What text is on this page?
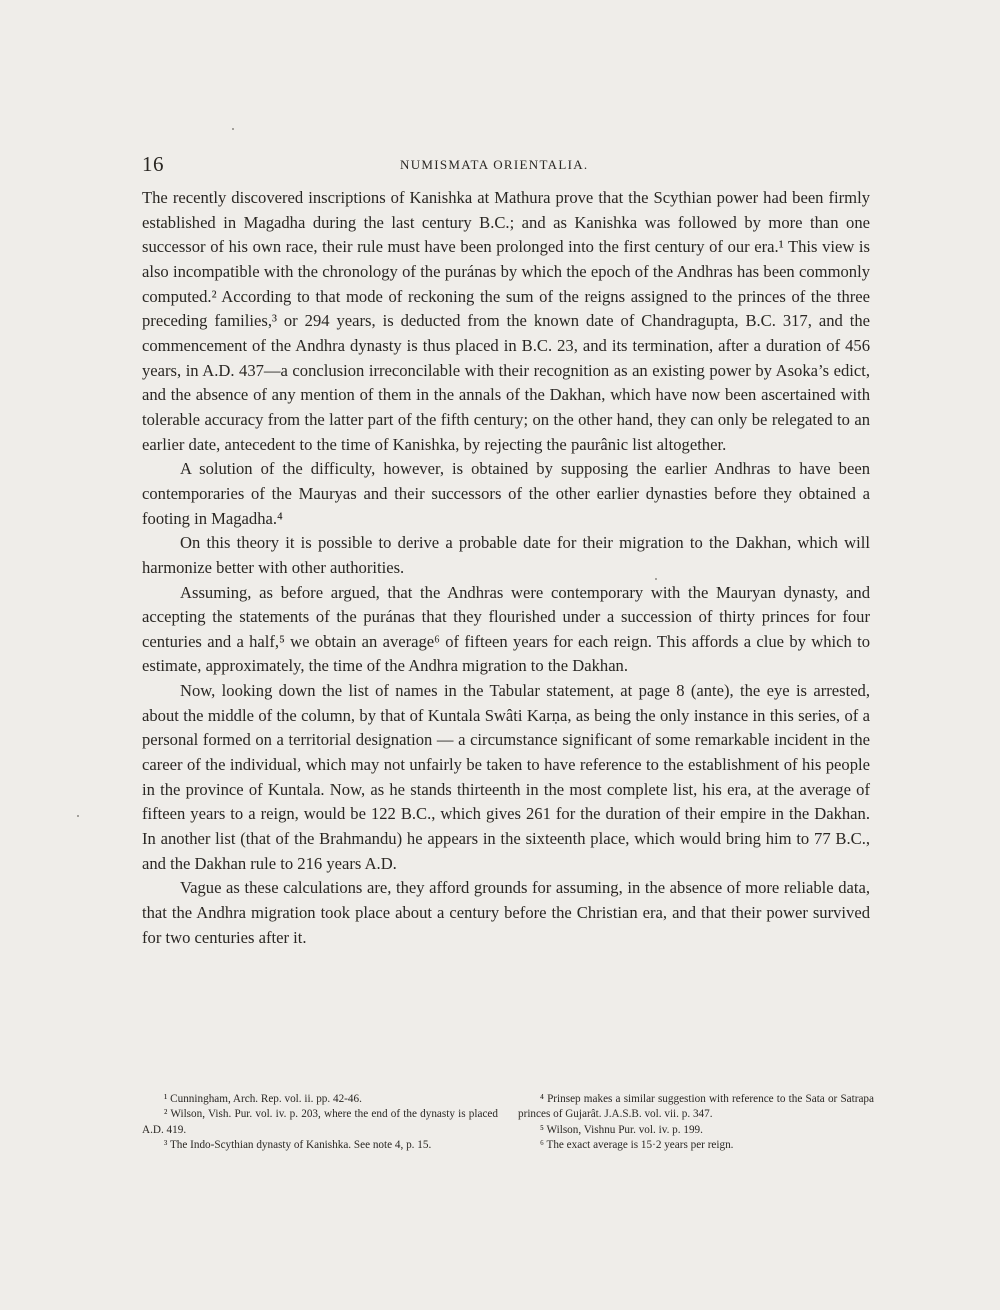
16	NUMISMATA ORIENTALIA.

The recently discovered inscriptions of Kanishka at Mathura prove that the Scythian power had been firmly established in Magadha during the last century B.C.; and as Kanishka was followed by more than one successor of his own race, their rule must have been prolonged into the first century of our era.¹ This view is also incompatible with the chronology of the puránas by which the epoch of the Andhras has been commonly computed.² According to that mode of reckoning the sum of the reigns assigned to the princes of the three preceding families,³ or 294 years, is deducted from the known date of Chandragupta, B.C. 317, and the commencement of the Andhra dynasty is thus placed in B.C. 23, and its termination, after a duration of 456 years, in A.D. 437—a conclusion irreconcilable with their recognition as an existing power by Asoka’s edict, and the absence of any mention of them in the annals of the Dakhan, which have now been ascertained with tolerable accuracy from the latter part of the fifth century; on the other hand, they can only be relegated to an earlier date, antecedent to the time of Kanishka, by rejecting the paurânic list altogether.

A solution of the difficulty, however, is obtained by supposing the earlier Andhras to have been contemporaries of the Mauryas and their successors of the other earlier dynasties before they obtained a footing in Magadha.⁴

On this theory it is possible to derive a probable date for their migration to the Dakhan, which will harmonize better with other authorities.

Assuming, as before argued, that the Andhras were contemporary with the Mauryan dynasty, and accepting the statements of the puránas that they flourished under a succession of thirty princes for four centuries and a half,⁵ we obtain an average⁶ of fifteen years for each reign. This affords a clue by which to estimate, approximately, the time of the Andhra migration to the Dakhan.

Now, looking down the list of names in the Tabular statement, at page 8 (ante), the eye is arrested, about the middle of the column, by that of Kuntala Swâti Karṇa, as being the only instance in this series, of a personal formed on a territorial designation — a circumstance significant of some remarkable incident in the career of the individual, which may not unfairly be taken to have reference to the establishment of his people in the province of Kuntala. Now, as he stands thirteenth in the most complete list, his era, at the average of fifteen years to a reign, would be 122 B.C., which gives 261 for the duration of their empire in the Dakhan. In another list (that of the Brahmandu) he appears in the sixteenth place, which would bring him to 77 B.C., and the Dakhan rule to 216 years A.D.

Vague as these calculations are, they afford grounds for assuming, in the absence of more reliable data, that the Andhra migration took place about a century before the Christian era, and that their power survived for two centuries after it.

¹ Cunningham, Arch. Rep. vol. ii. pp. 42-46.

² Wilson, Vish. Pur. vol. iv. p. 203, where the end of the dynasty is placed A.D. 419.

³ The Indo-Scythian dynasty of Kanishka. See note 4, p. 15.

⁴ Prinsep makes a similar suggestion with reference to the Sata or Satrapa princes of Gujarât. J.A.S.B. vol. vii. p. 347.

⁵ Wilson, Vishnu Pur. vol. iv. p. 199.

⁶ The exact average is 15·2 years per reign.
